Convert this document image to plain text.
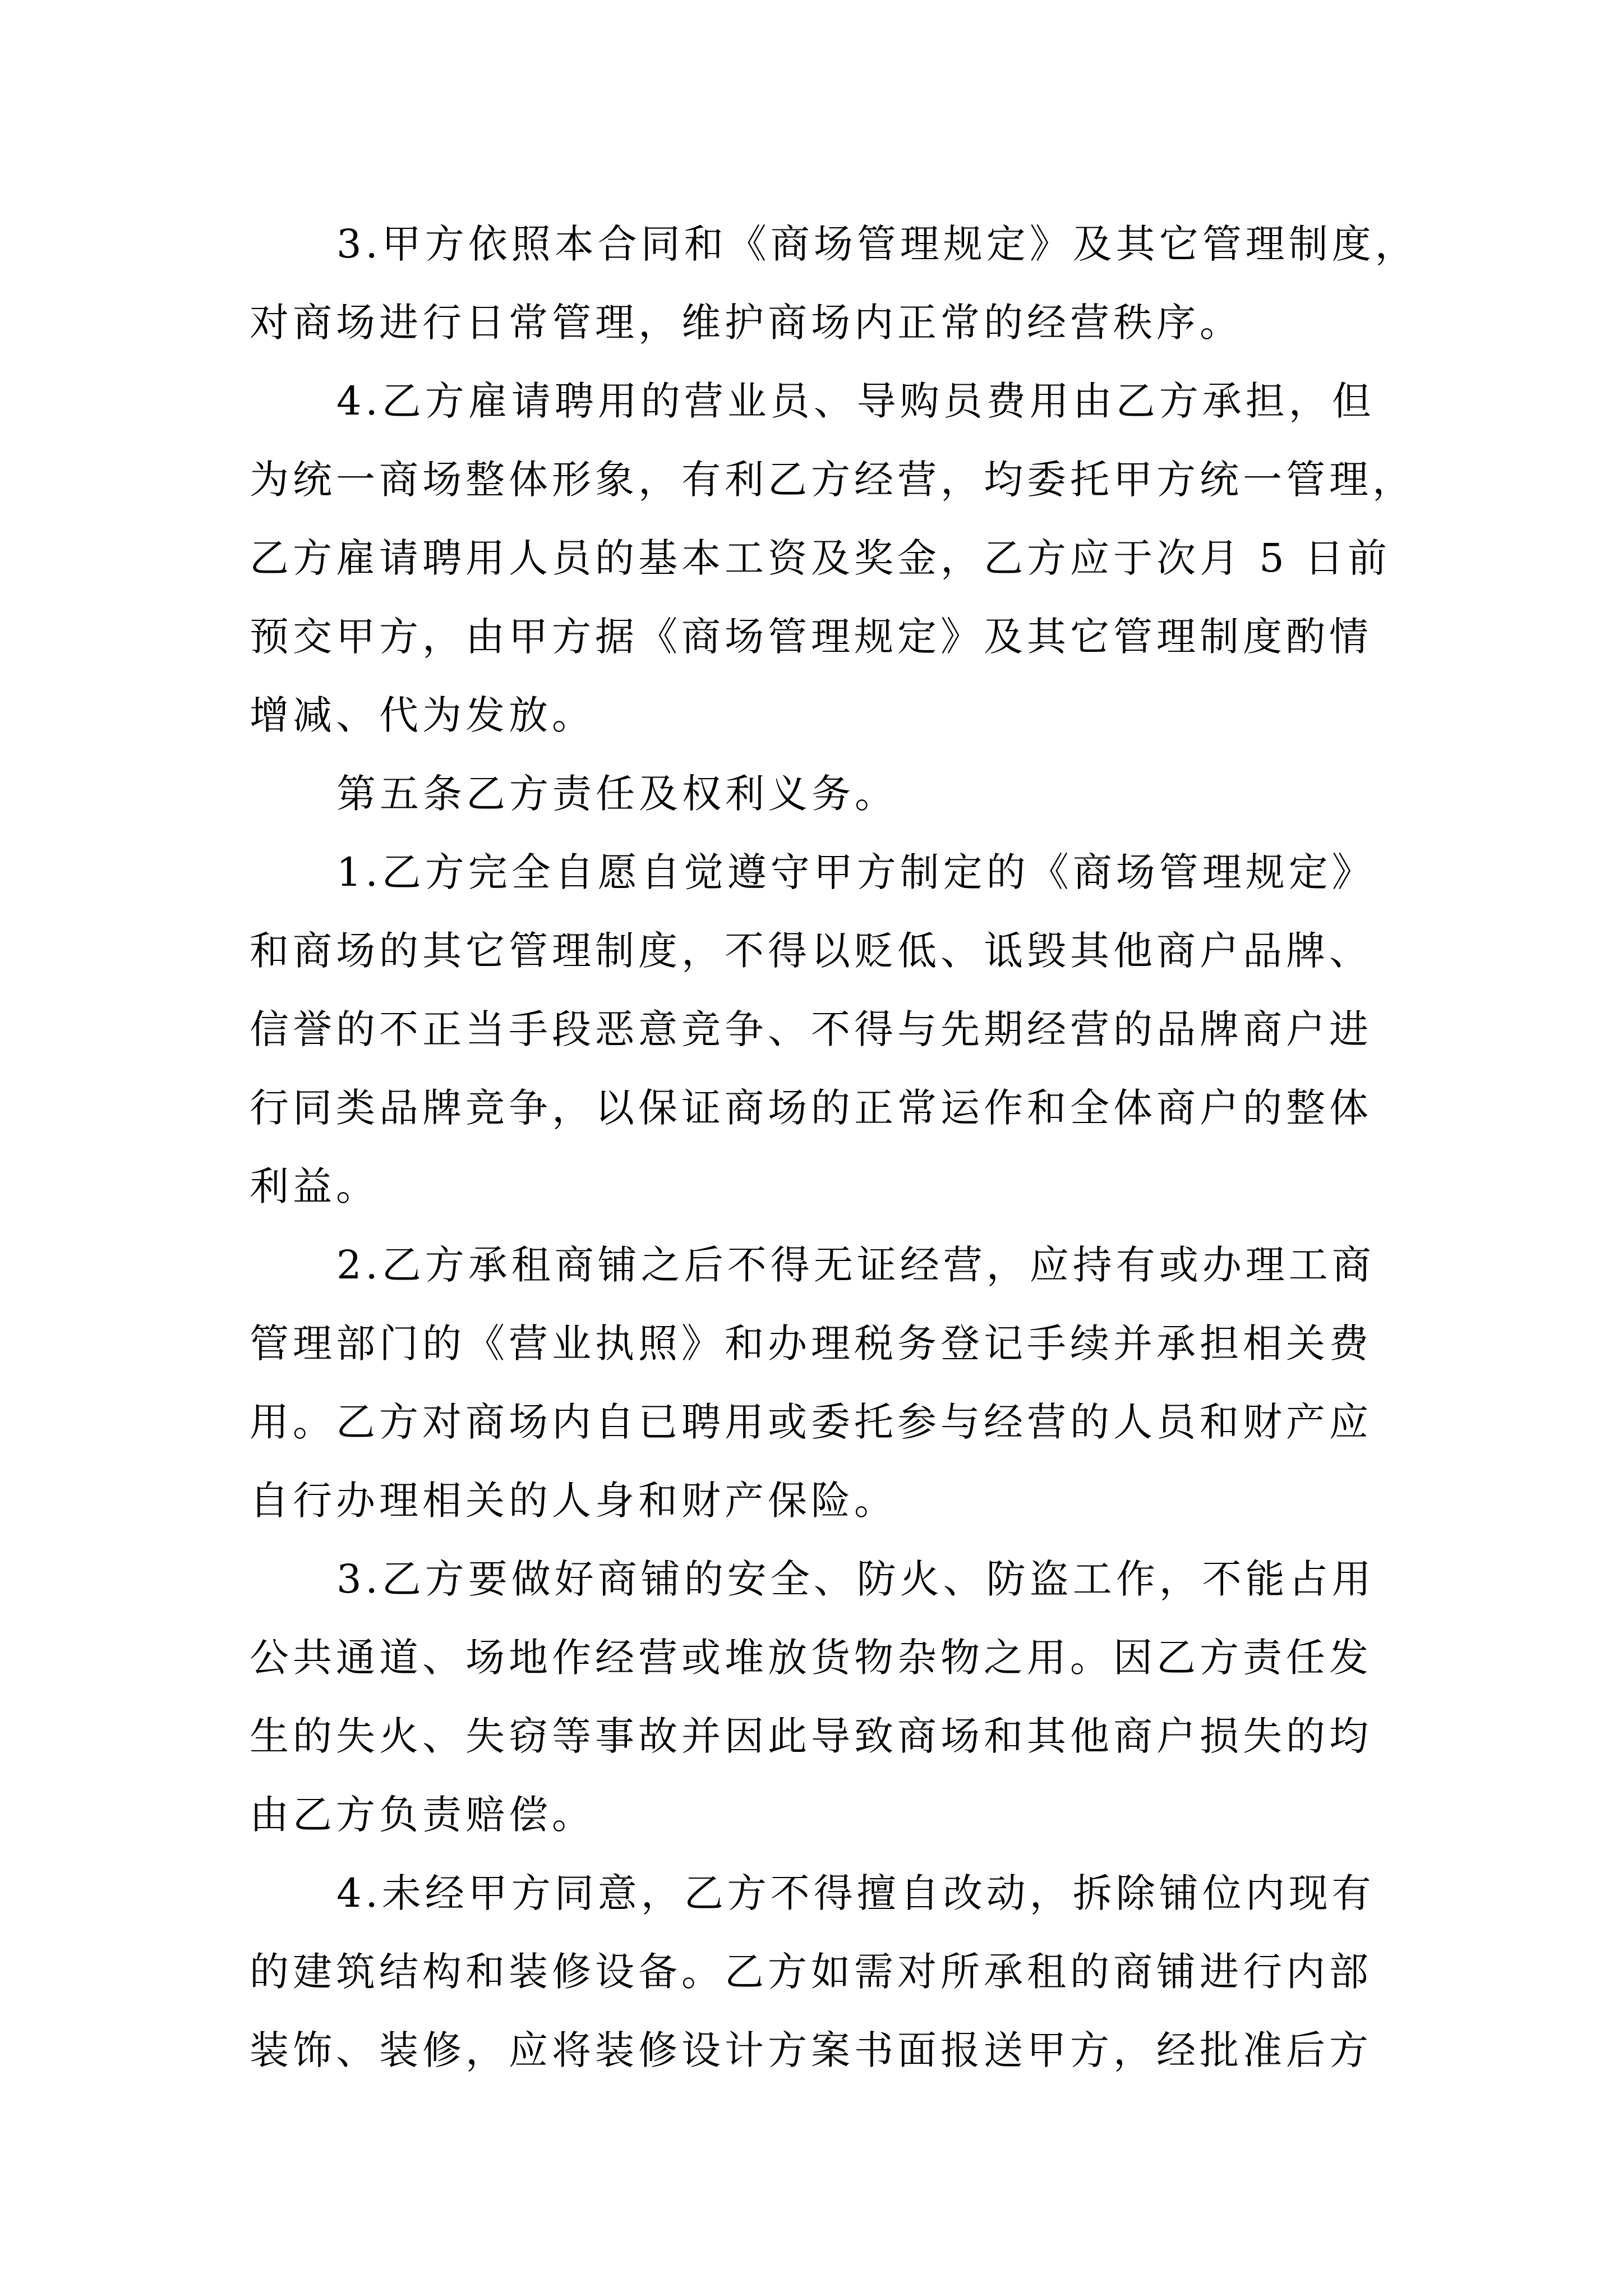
3.甲方依照本合同和《商场管理规定》及其它管理制度，
对商场进行日常管理，维护商场内正常的经营秩序。
4.乙方雇请聘用的营业员、导购员费用由乙方承担，但
为统一商场整体形象，有利乙方经营，均委托甲方统一管理，
乙方雇请聘用人员的基本工资及奖金，乙方应于次月 5 日前
预交甲方，由甲方据《商场管理规定》及其它管理制度酌情
增减、代为发放。
第五条乙方责任及权利义务。
1.乙方完全自愿自觉遵守甲方制定的《商场管理规定》
和商场的其它管理制度，不得以贬低、诋毁其他商户品牌、
信誉的不正当手段恶意竞争、不得与先期经营的品牌商户进
行同类品牌竞争，以保证商场的正常运作和全体商户的整体
利益。
2.乙方承租商铺之后不得无证经营，应持有或办理工商
管理部门的《营业执照》和办理税务登记手续并承担相关费
用。乙方对商场内自已聘用或委托参与经营的人员和财产应
自行办理相关的人身和财产保险。
3.乙方要做好商铺的安全、防火、防盗工作，不能占用
公共通道、场地作经营或堆放货物杂物之用。因乙方责任发
生的失火、失窃等事故并因此导致商场和其他商户损失的均
由乙方负责赔偿。
4.未经甲方同意，乙方不得擅自改动，拆除铺位内现有
的建筑结构和装修设备。乙方如需对所承租的商铺进行内部
装饰、装修，应将装修设计方案书面报送甲方，经批准后方
